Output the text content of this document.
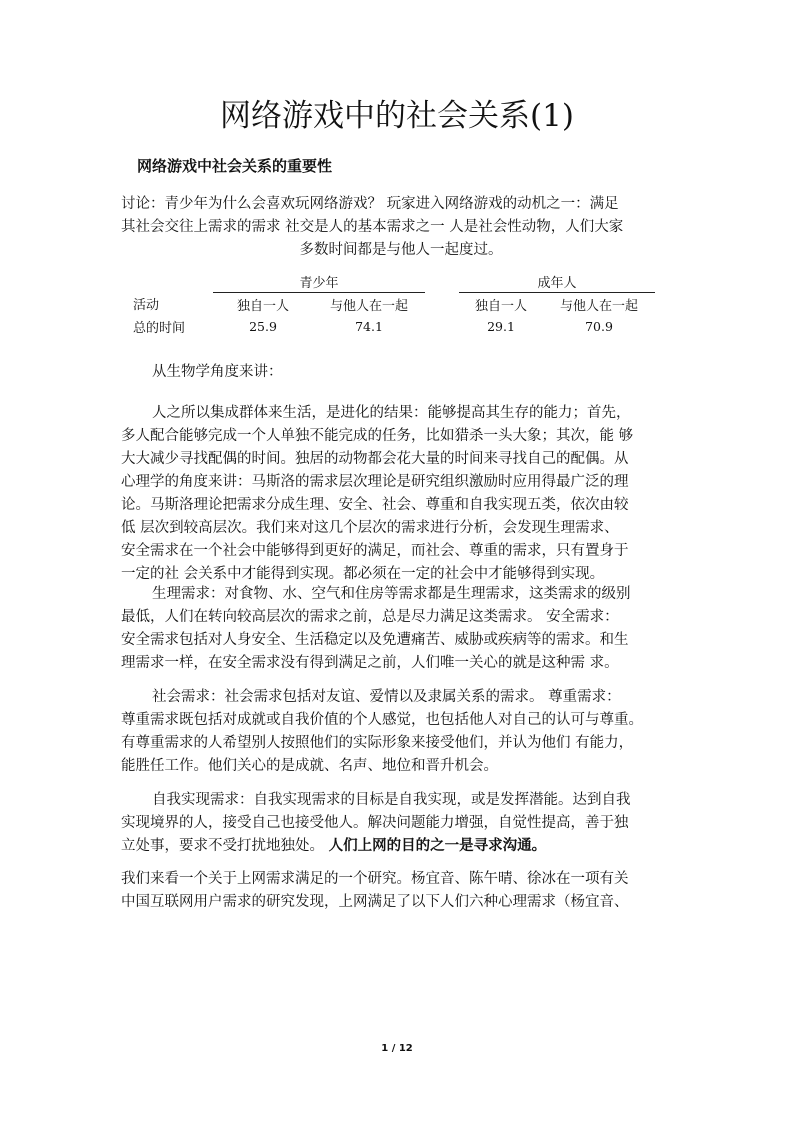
网络游戏中的社会关系(1)
网络游戏中社会关系的重要性
讨论：青少年为什么会喜欢玩网络游戏？ 玩家进入网络游戏的动机之一：满足
其社会交往上需求的需求 社交是人的基本需求之一 人是社会性动物，人们大家
多数时间都是与他人一起度过。
	青少年			成年人	
活动	独自一人	与他人在一起		独自一人	与他人在一起
总的时间	25.9	74.1		29.1	70.9
从生物学角度来讲：
人之所以集成群体来生活，是进化的结果：能够提高其生存的能力；首先，
多人配合能够完成一个人单独不能完成的任务，比如猎杀一头大象；其次，能 够
大大减少寻找配偶的时间。独居的动物都会花大量的时间来寻找自己的配偶。从
心理学的角度来讲：马斯洛的需求层次理论是研究组织激励时应用得最广泛的理
论。马斯洛理论把需求分成生理、安全、社会、尊重和自我实现五类，依次由较
低 层次到较高层次。我们来对这几个层次的需求进行分析，会发现生理需求、
安全需求在一个社会中能够得到更好的满足，而社会、尊重的需求，只有置身于
一定的社 会关系中才能得到实现。都必须在一定的社会中才能够得到实现。
生理需求：对食物、水、空气和住房等需求都是生理需求，这类需求的级别
最低，人们在转向较高层次的需求之前，总是尽力满足这类需求。 安全需求：
安全需求包括对人身安全、生活稳定以及免遭痛苦、威胁或疾病等的需求。和生
理需求一样，在安全需求没有得到满足之前，人们唯一关心的就是这种需 求。
社会需求：社会需求包括对友谊、爱情以及隶属关系的需求。 尊重需求：
尊重需求既包括对成就或自我价值的个人感觉，也包括他人对自己的认可与尊重。
有尊重需求的人希望别人按照他们的实际形象来接受他们，并认为他们 有能力，
能胜任工作。他们关心的是成就、名声、地位和晋升机会。
自我实现需求：自我实现需求的目标是自我实现，或是发挥潜能。达到自我
实现境界的人，接受自己也接受他人。解决问题能力增强，自觉性提高，善于独
立处事，要求不受打扰地独处。 人们上网的目的之一是寻求沟通。
我们来看一个关于上网需求满足的一个研究。杨宜音、陈午晴、徐冰在一项有关
中国互联网用户需求的研究发现，上网满足了以下人们六种心理需求（杨宜音、
1 / 12
